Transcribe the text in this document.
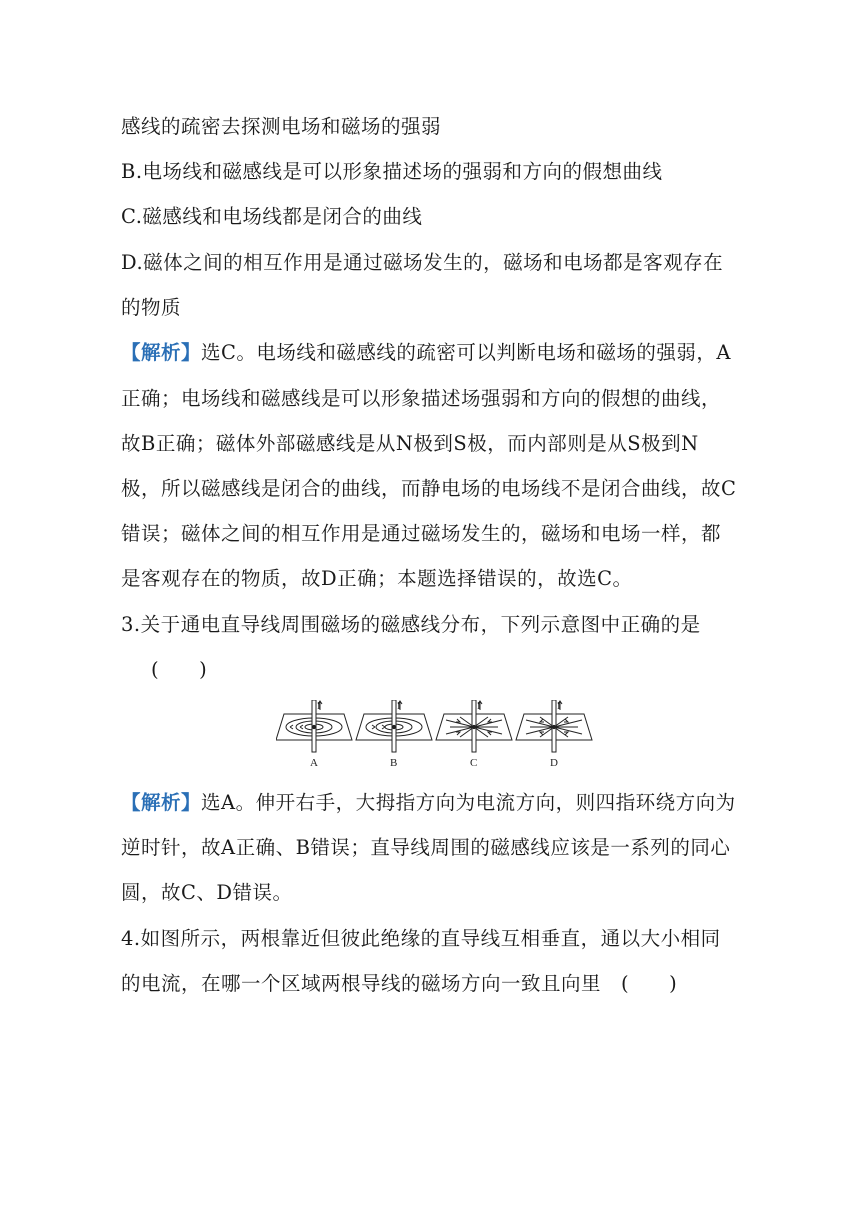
感线的疏密去探测电场和磁场的强弱
B.电场线和磁感线是可以形象描述场的强弱和方向的假想曲线
C.磁感线和电场线都是闭合的曲线
D.磁体之间的相互作用是通过磁场发生的，磁场和电场都是客观存在
的物质
【解析】选C。电场线和磁感线的疏密可以判断电场和磁场的强弱，A
正确；电场线和磁感线是可以形象描述场强弱和方向的假想的曲线，
故B正确；磁体外部磁感线是从N极到S极，而内部则是从S极到N
极，所以磁感线是闭合的曲线，而静电场的电场线不是闭合曲线，故C
错误；磁体之间的相互作用是通过磁场发生的，磁场和电场一样，都
是客观存在的物质，故D正确；本题选择错误的，故选C。
3.关于通电直导线周围磁场的磁感线分布，下列示意图中正确的是
(　　)
I	I	I	I
A	B	C	D
【解析】选A。伸开右手，大拇指方向为电流方向，则四指环绕方向为
逆时针，故A正确、B错误；直导线周围的磁感线应该是一系列的同心
圆，故C、D错误。
4.如图所示，两根靠近但彼此绝缘的直导线互相垂直，通以大小相同
的电流，在哪一个区域两根导线的磁场方向一致且向里　(　　)
